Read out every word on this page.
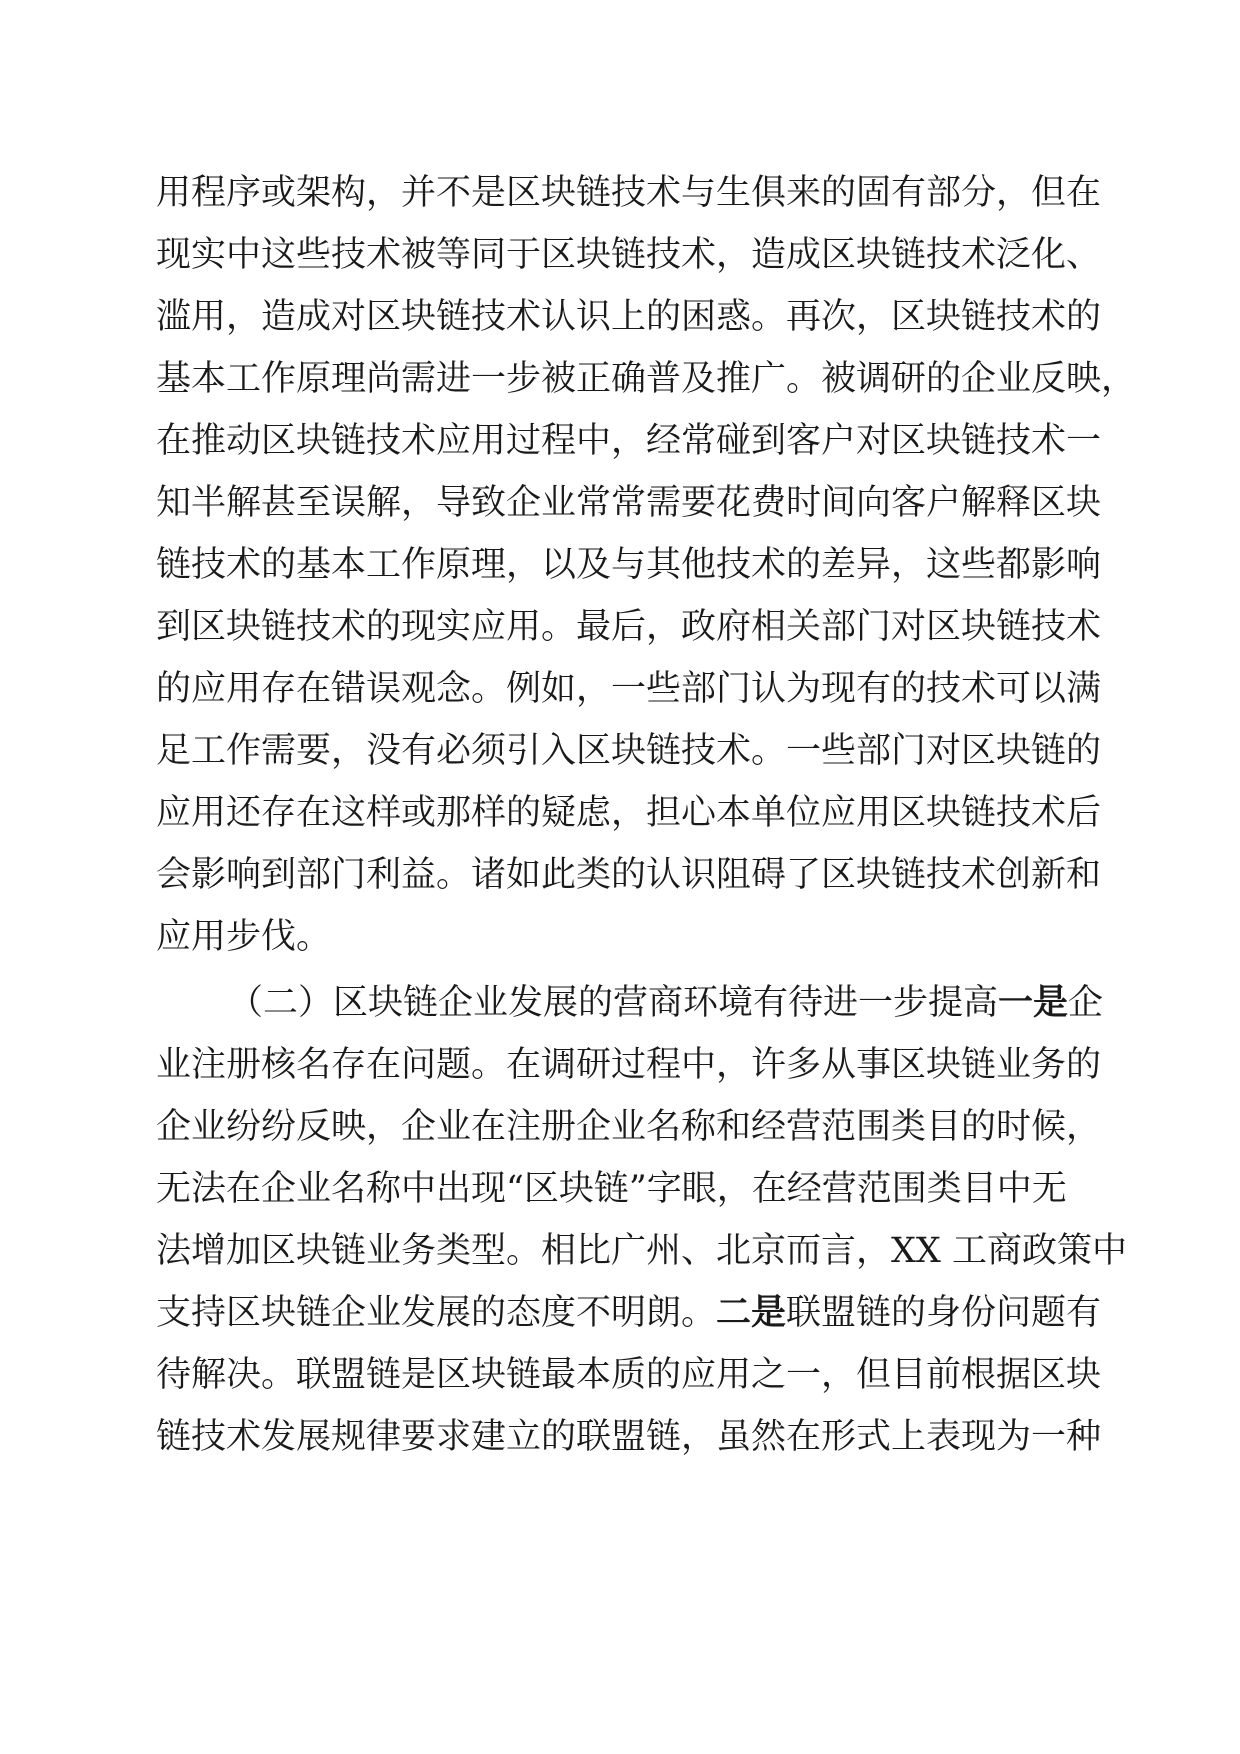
用程序或架构，并不是区块链技术与生俱来的固有部分，但在
现实中这些技术被等同于区块链技术，造成区块链技术泛化、
滥用，造成对区块链技术认识上的困惑。再次，区块链技术的
基本工作原理尚需进一步被正确普及推广。被调研的企业反映，
在推动区块链技术应用过程中，经常碰到客户对区块链技术一
知半解甚至误解，导致企业常常需要花费时间向客户解释区块
链技术的基本工作原理，以及与其他技术的差异，这些都影响
到区块链技术的现实应用。最后，政府相关部门对区块链技术
的应用存在错误观念。例如，一些部门认为现有的技术可以满
足工作需要，没有必须引入区块链技术。一些部门对区块链的
应用还存在这样或那样的疑虑，担心本单位应用区块链技术后
会影响到部门利益。诸如此类的认识阻碍了区块链技术创新和
应用步伐。
（二）区块链企业发展的营商环境有待进一步提高一是企
业注册核名存在问题。在调研过程中，许多从事区块链业务的
企业纷纷反映，企业在注册企业名称和经营范围类目的时候，
无法在企业名称中出现“区块链”字眼，在经营范围类目中无
法增加区块链业务类型。相比广州、北京而言，XX 工商政策中
支持区块链企业发展的态度不明朗。二是联盟链的身份问题有
待解决。联盟链是区块链最本质的应用之一，但目前根据区块
链技术发展规律要求建立的联盟链，虽然在形式上表现为一种
